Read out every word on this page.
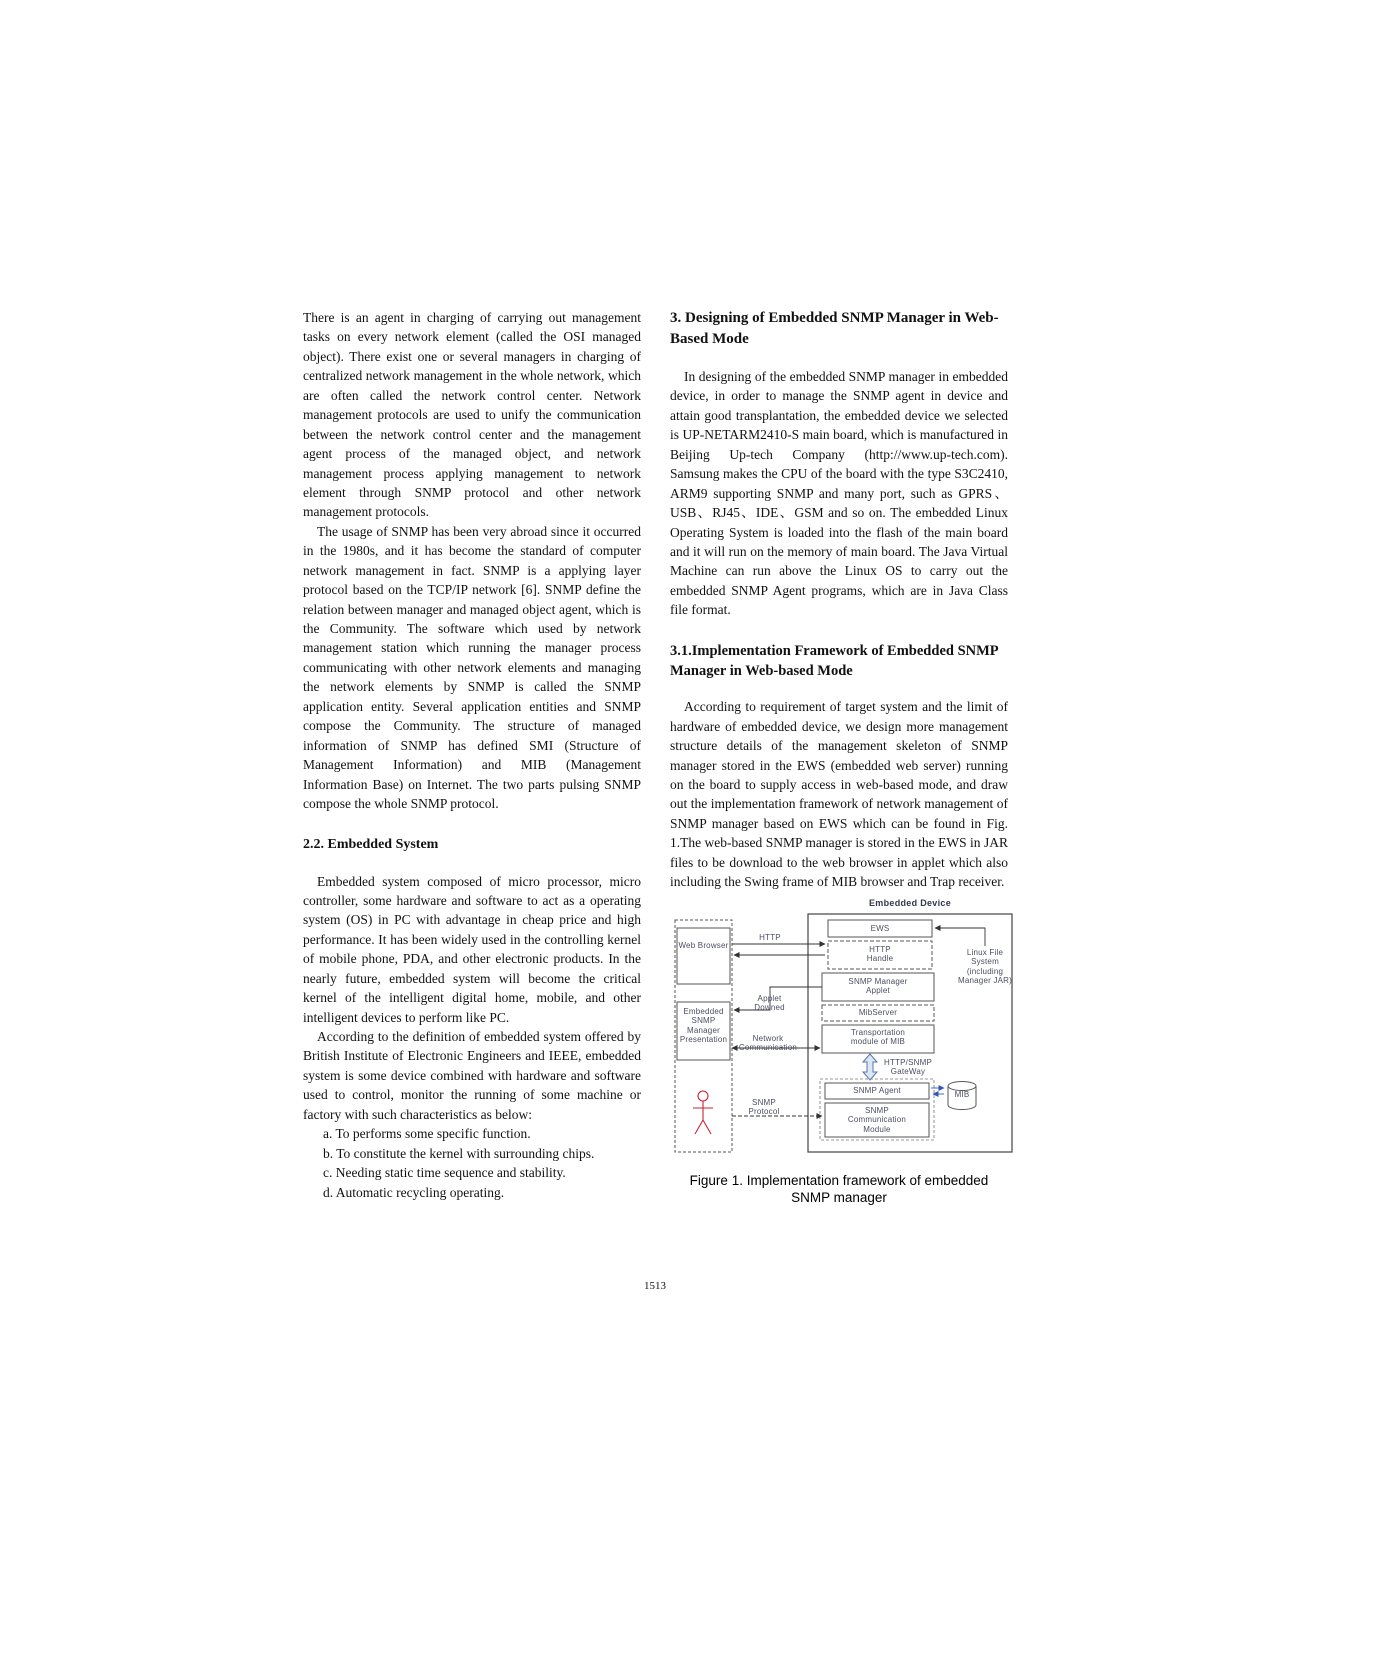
There is an agent in charging of carrying out management tasks on every network element (called the OSI managed object). There exist one or several managers in charging of centralized network management in the whole network, which are often called the network control center. Network management protocols are used to unify the communication between the network control center and the management agent process of the managed object, and network management process applying management to network element through SNMP protocol and other network management protocols.

The usage of SNMP has been very abroad since it occurred in the 1980s, and it has become the standard of computer network management in fact. SNMP is a applying layer protocol based on the TCP/IP network [6]. SNMP define the relation between manager and managed object agent, which is the Community. The software which used by network management station which running the manager process communicating with other network elements and managing the network elements by SNMP is called the SNMP application entity. Several application entities and SNMP compose the Community. The structure of managed information of SNMP has defined SMI (Structure of Management Information) and MIB (Management Information Base) on Internet. The two parts pulsing SNMP compose the whole SNMP protocol.

2.2. Embedded System

Embedded system composed of micro processor, micro controller, some hardware and software to act as a operating system (OS) in PC with advantage in cheap price and high performance. It has been widely used in the controlling kernel of mobile phone, PDA, and other electronic products. In the nearly future, embedded system will become the critical kernel of the intelligent digital home, mobile, and other intelligent devices to perform like PC.

According to the definition of embedded system offered by British Institute of Electronic Engineers and IEEE, embedded system is some device combined with hardware and software used to control, monitor the running of some machine or factory with such characteristics as below:

a. To performs some specific function.
b. To constitute the kernel with surrounding chips.
c. Needing static time sequence and stability.
d. Automatic recycling operating.
3. Designing of Embedded SNMP Manager in Web-Based Mode

In designing of the embedded SNMP manager in embedded device, in order to manage the SNMP agent in device and attain good transplantation, the embedded device we selected is UP-NETARM2410-S main board, which is manufactured in Beijing Up-tech Company (http://www.up-tech.com). Samsung makes the CPU of the board with the type S3C2410, ARM9 supporting SNMP and many port, such as GPRS、USB、RJ45、IDE、GSM and so on. The embedded Linux Operating System is loaded into the flash of the main board and it will run on the memory of main board. The Java Virtual Machine can run above the Linux OS to carry out the embedded SNMP Agent programs, which are in Java Class file format.

3.1.Implementation Framework of Embedded SNMP Manager in Web-based Mode

According to requirement of target system and the limit of hardware of embedded device, we design more management structure details of the management skeleton of SNMP manager stored in the EWS (embedded web server) running on the board to supply access in web-based mode, and draw out the implementation framework of network management of SNMP manager based on EWS which can be found in Fig. 1.The web-based SNMP manager is stored in the EWS in JAR files to be download to the web browser in applet which also including the Swing frame of MIB browser and Trap receiver.

Embedded Device
Web Browser
Embedded SNMP Manager Presentation
EWS
HTTP Handle
SNMP Manager Applet
MibServer
Transportation module of MIB
HTTP/SNMP GateWay
SNMP Agent
SNMP Communication Module
Linux File System (including Manager JAR)
MIB
HTTP
Applet Downed
Network Communication
SNMP Protocol
Figure 1. Implementation framework of embedded SNMP manager
1513
